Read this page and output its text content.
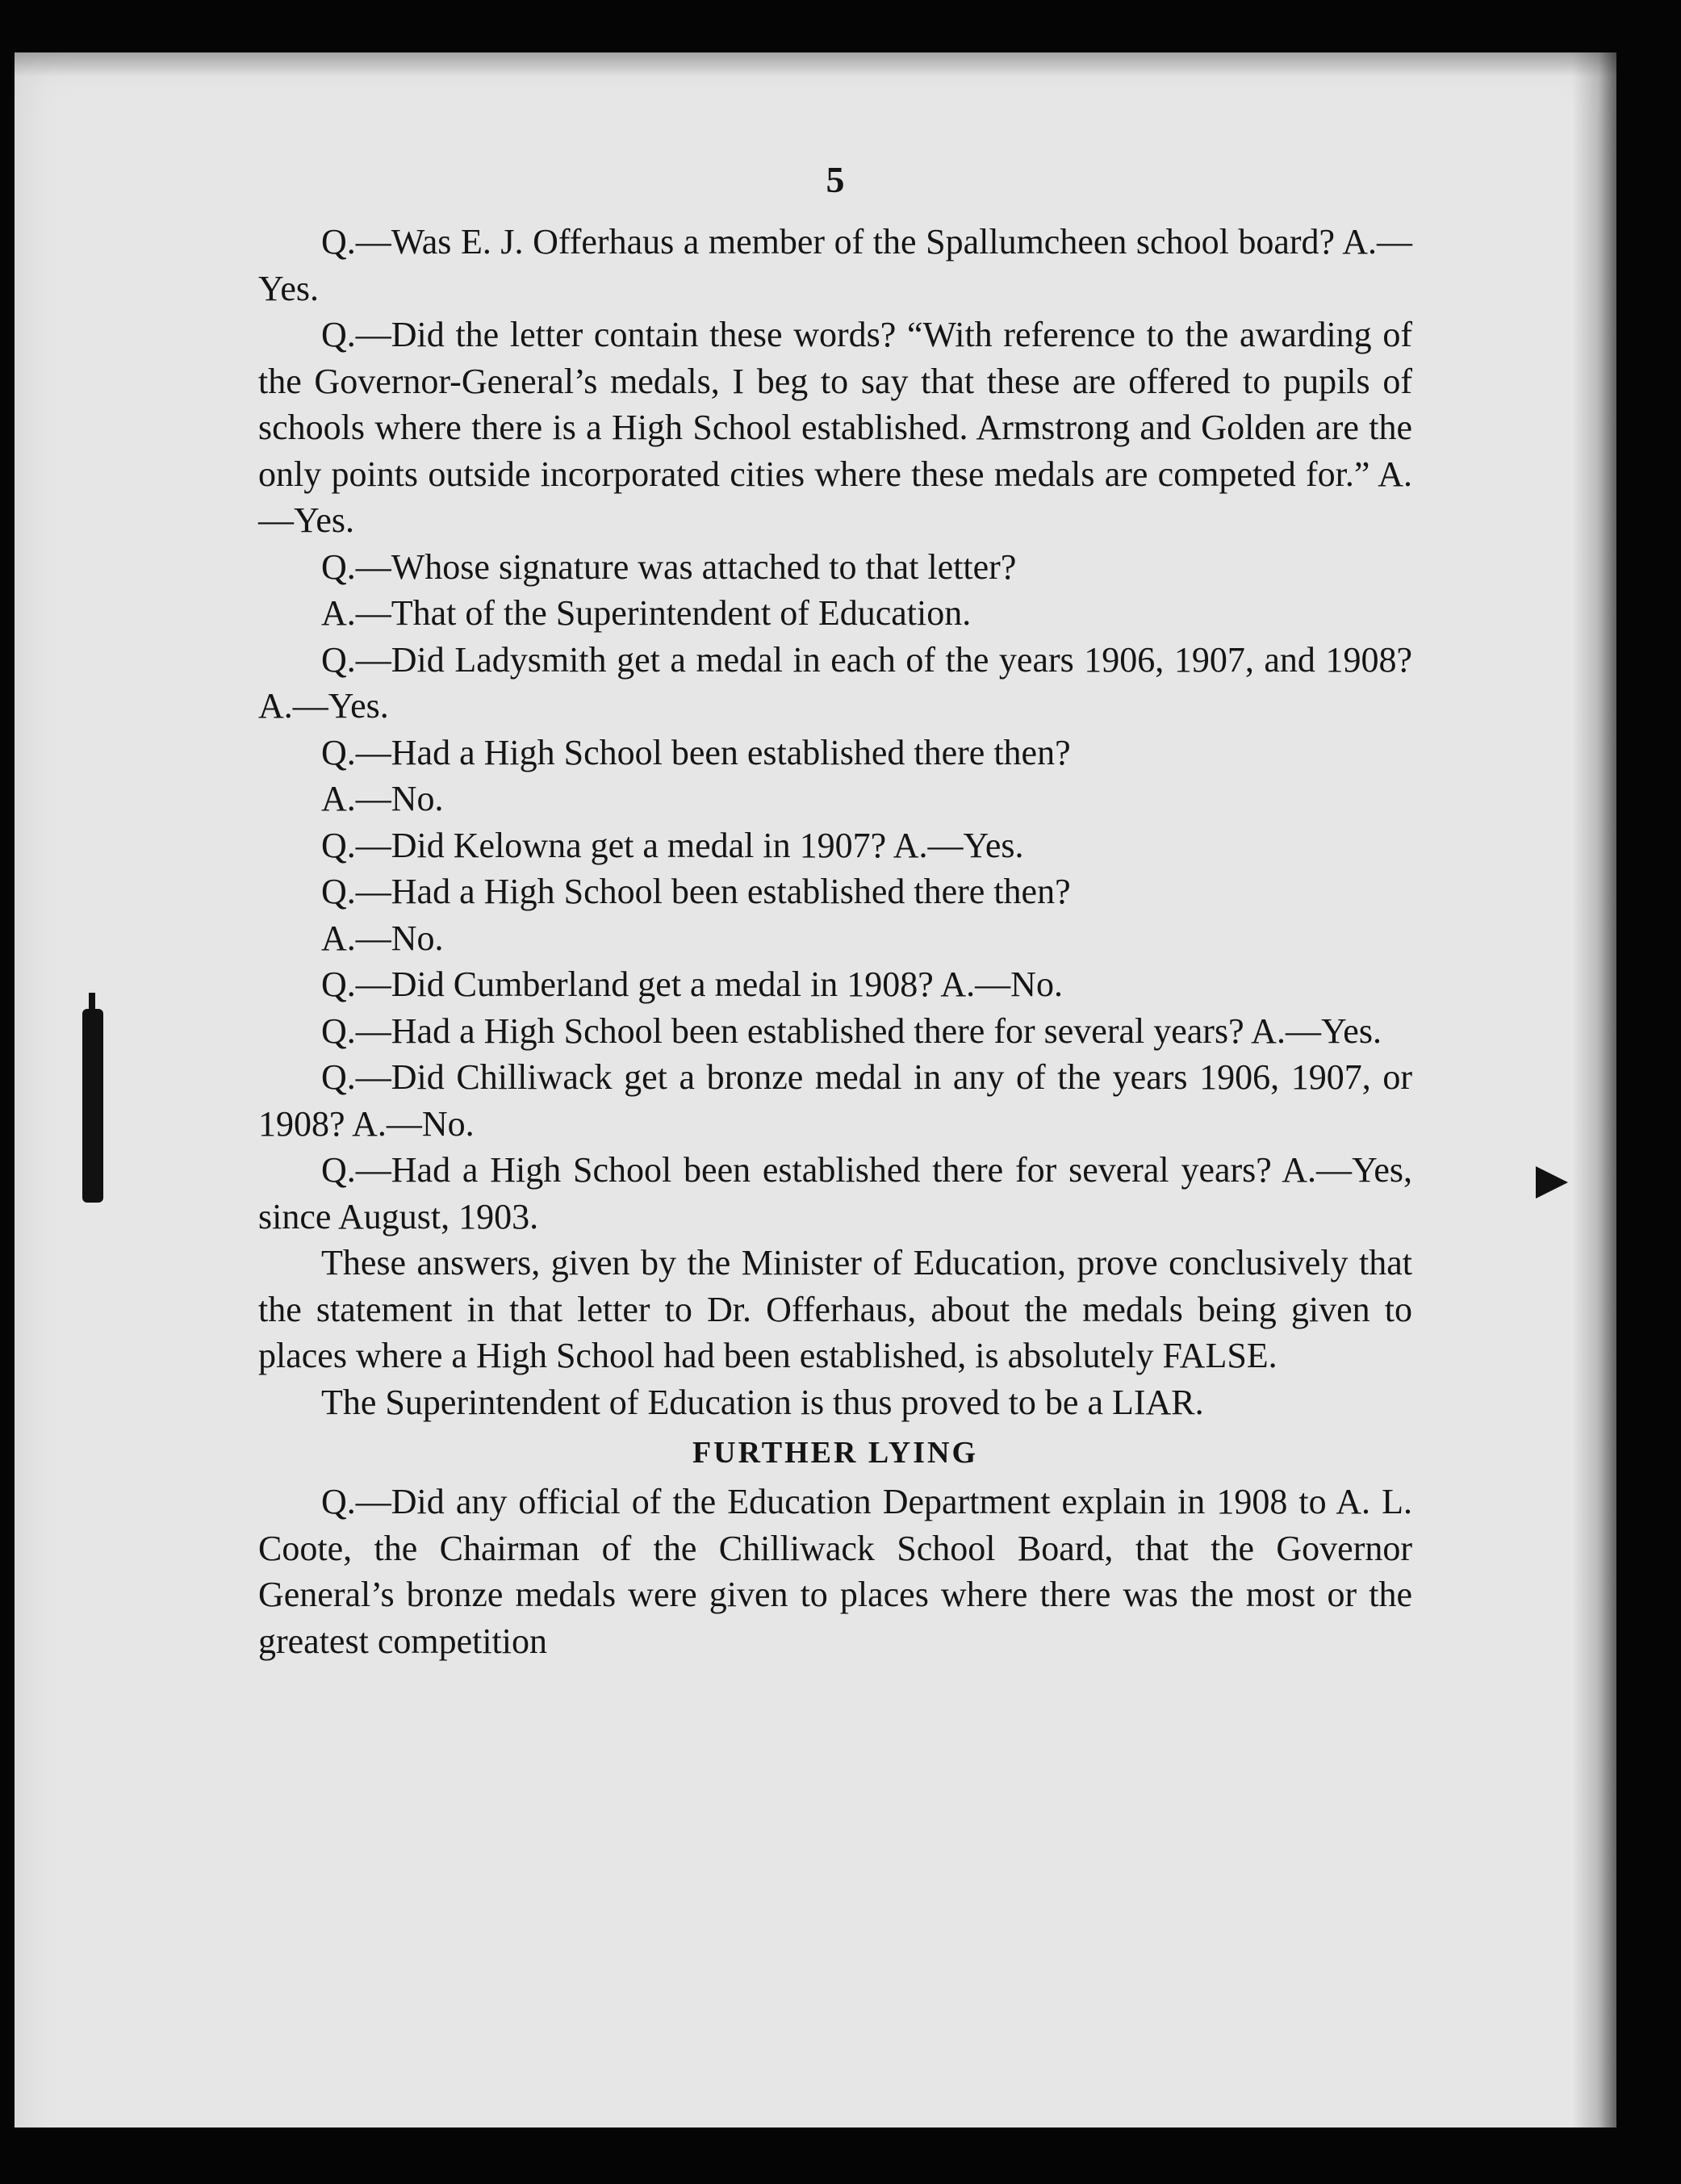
5

Q.—Was E. J. Offerhaus a member of the Spallumcheen school board? A.—Yes.

Q.—Did the letter contain these words? “With reference to the awarding of the Governor-General’s medals, I beg to say that these are offered to pupils of schools where there is a High School established. Armstrong and Golden are the only points outside incorporated cities where these medals are competed for.” A.—Yes.

Q.—Whose signature was attached to that letter?

A.—That of the Superintendent of Education.

Q.—Did Ladysmith get a medal in each of the years 1906, 1907, and 1908? A.—Yes.

Q.—Had a High School been established there then?

A.—No.

Q.—Did Kelowna get a medal in 1907? A.—Yes.

Q.—Had a High School been established there then?

A.—No.

Q.—Did Cumberland get a medal in 1908? A.—No.

Q.—Had a High School been established there for several years? A.—Yes.

Q.—Did Chilliwack get a bronze medal in any of the years 1906, 1907, or 1908? A.—No.

Q.—Had a High School been established there for several years? A.—Yes, since August, 1903.

These answers, given by the Minister of Education, prove conclusively that the statement in that letter to Dr. Offerhaus, about the medals being given to places where a High School had been established, is absolutely FALSE.

The Superintendent of Education is thus proved to be a LIAR.

FURTHER LYING

Q.—Did any official of the Education Department explain in 1908 to A. L. Coote, the Chairman of the Chilliwack School Board, that the Governor General’s bronze medals were given to places where there was the most or the greatest competition
